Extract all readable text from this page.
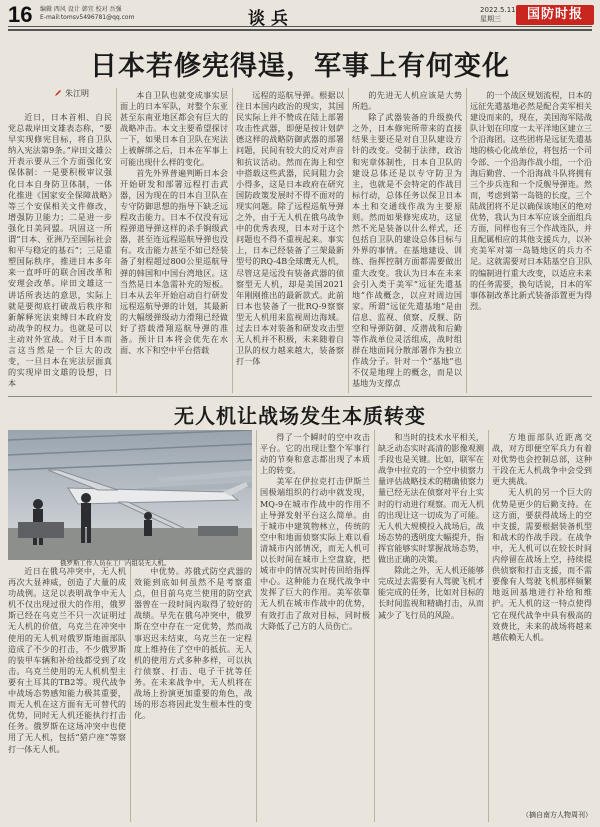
16 编辑 西风 设计 韩宜 校对 吾强
E-mail:tomsv5496781@qq.com	谈兵	2022.5.11
星期三	国防时报
日本若修宪得逞，军事上有何变化
朱江明

近日，日本首相、自民党总裁岸田文雄表态称，“要早实现修宪目标，将自卫队纳入宪法第9条。”岸田文雄公开表示要从三个方面强化安保体制：一是要积极审议强化日本自身防卫体制，一体化推进《国家安全保障战略》等三个安保相关文件修改，增强防卫能力；二是进一步强化日美同盟。巩固这一所谓“日本、亚洲乃至国际社会和平与稳定的基石”；三是重塑国际秩序，推进日本多年来一直呼吁的联合国改革和安理会改革。岸田文雄这一讲话所表达的意思，实际上就是要彻底打破战后秩序和新解释宪法束缚日本政府发动战争的权力。也就是可以主动对外宣战。对于日本而言这当然是一个巨大的改变，一旦日本在宪法层面真的实现岸田文雄的设想，日本

本自卫队也就变成事实层面上的日本军队，对整个东亚甚至东南亚地区都会有巨大的战略冲击。本文主要希望探讨一下，如果日本自卫队在宪法上被解绑之后，日本在军事上可能出现什么样的变化。

首先外界普遍判断日本会开始研发和部署远程打击武器，因为现在的日本自卫队在专守防御思想的指导下缺乏远程攻击能力。日本不仅没有远程弹道导弹这样的杀手锏级武器，甚至连远程巡航导弹也没有。攻击能力甚至不如已经装备了射程超过800公里巡航导弹的韩国和中国台湾地区。这当然是日本急需补充的短板。日本从去年开始启动自行研发远程巡航导弹的计划，其最新的大幅缓弹级动力滑翔已经做好了搭载滑翔巡航导弹的准备。预计日本将会优先在水面、水下和空中平台搭载

远程的巡航导弹。根据以往日本国内政治的现实，其国民实际上并不赞成在陆上部署攻击性武器，即便是按计划萨德这样的战略防御武器的部署问题，民间有较大的反对声音和抗议活动。然而在海上和空中搭载这些武器，民间阻力会小得多，这是日本政府在研究国防政策发展时不得不面对的现实问题。除了远程巡航导弹之外，由于无人机在俄乌战争中的优秀表现，日本对于这个问题也不得不重视起来。事实上，日本已经装备了三架最新型号的RQ-4B全球鹰无人机，尽管这是远没有装备武器的侦察型无人机，却是美国2021年刚刚推出的最新款式。此前日本也装备了一批RQ-9察察型无人机用来监视周边海域。过去日本对装备和研发攻击型无人机并不积极，未来随着自卫队的权力越来越大，装备察打一体

的先进无人机应该是大势所趋。

除了武器装备的升级换代之外，日本修宪所带来的直接结果主要还是对自卫队建设方针的改变。受制于法律，政治和宪章体制性，日本自卫队的建设总体还是以专守防卫为主，也就是不会特定的作战目标行动，总体任务以保卫日本本土和交通线作战为主要原则。然而如果修宪成功，这显然不光是装备以什么样式，还包括自卫队的建设总体目标与外界的事情。在基地建设、训练、指挥控制方面都需要做出重大改变。我认为日本在未来会引入类于美军“远征先遣基地”作战概念，以应对周边国家。所谓“远征先遣基地”是由信息、监视、侦察、反舰、防空和导弹防御、反潜战和后勤等作战单位灵活组成，战时组群在地面间分散部署作为独立作战分子。针对一个“基地”也不仅是地理上的概念，而是以基地为支撑点

的一个战区规划流程，日本的远征先遣基地必然是配合美军相关建设而来的，现在，美国海军陆战队计划在印度一太平洋地区建立三个沿海团。这些团将是远征先遣基地的核心化战单位，将包括一个司令部、一个沿海作战小组，一个沿海后勤营、一个沿海战斗队将拥有三个步兵连和一个反舰导弹连。然而，考虑到第一岛链的长度，三个陆战团将不足以确保该地区的绝对优势，我认为日本军应该全面组兵方面，同样也有三个作战连队，并且配属相应的其他支援兵力，以补充美军对第一岛链地区的兵力不足。这就需要对日本陆基空自卫队的编制进行重大改变，以适应未来的任务需要，换句话说，日本的军事体制改革比新式装备添置更为得烈。

无人机让战场发生本质转变
俄罗斯工作人员在工厂内组装无人机。

近日在俄乌冲突中，无人机再次大显神威，创造了大量的成功战例。这足以表明战争中无人机不仅出现过很大的作用，俄罗斯已经在乌克兰不只一次证明过无人机的价值，乌克兰在冲突中使用的无人机对俄罗斯地面部队造成了不少的打击，不少俄罗斯的装甲车辆和补给线都受到了攻击。乌克兰使用的无人机机型主要有土耳其的TB2等。现代战争中战场态势感知能力极其重要，而无人机在这方面有无可替代的优势，同时无人机还能执行打击任务。俄罗斯在这场冲突中也使用了无人机，包括“猎户座”等察打一体无人机。

中优势。苏俄式防空武器的效能到底如何虽然不是考察重点，但目前乌克兰使用的防空武器曾在一段时间内取得了较好的战绩。早先在俄乌冲突中，俄罗斯在空中存在一定优势，然而战事迟迟未结束，乌克兰在一定程度上维持住了空中的抵抗。无人机的使用方式多种多样，可以执行侦察、打击、电子干扰等任务。在未来战争中，无人机将在战场上扮演更加重要的角色，战场的形态将因此发生根本性的变化。

得了一个瞬时的空中攻击平台。它的出现让整个军事行动的节奏和意志都出现了本质上的转变。

美军在伊拉克打击伊斯兰国极端组织的行动中就发现，MQ-9在城市作战中的作用不止导弹发射平台这么简单。由于城市中建筑物林立，传统的空中和地面侦察实际上难以看清城市内部情况，而无人机可以长时间在城市上空盘旋，把城市中的情况实时传回给指挥中心。这种能力在现代战争中发挥了巨大的作用。美军依靠无人机在城市作战中的优势，有效打击了敌对目标，同时极大降低了己方的人员伤亡。

和当时的技术水平相关，缺乏动态实时高清的影像观测手段也是关键。比如，联军在战争中拉克的一个空中侦察力量评估战略技术的精确侦察力量已经无法在侦察对平台上实时的行动进行观察。而无人机的出现让这一切成为了可能。无人机大规模投入战场后，战场态势的透明度大幅提升，指挥官能够实时掌握战场态势，做出正确的决策。

除此之外，无人机还能够完成过去需要有人驾驶飞机才能完成的任务，比如对目标的长时间监视和精确打击，从而减少了飞行员的风险。

方地面部队近距离交战，对方即便空军兵力有着对优势也会控制总部，这种干段在无人机战争中会受到更大挑战。

无人机的另一个巨大的优势是更少的后勤支持。在这方面，要获得战场上的空中支援，需要根据装备机型和战术的作战手段。在战争中，无人机可以在较长时间内停留在战场上空，持续提供侦察和打击支援，而不需要像有人驾驶飞机那样频繁地返回基地进行补给和维护。无人机的这一特点使得它在现代战争中具有极高的效费比，未来的战场将越来越依赖无人机。

（摘自南方人物周刊）
